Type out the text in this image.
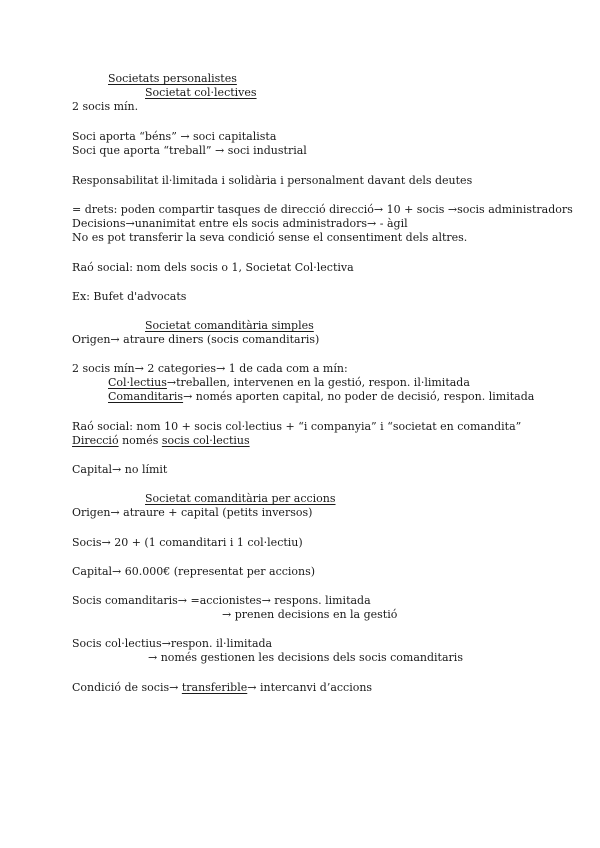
Societats personalistes
Societat col·lectives
2 socis mín.
Soci aporta “béns” → soci capitalista
Soci que aporta “treball” → soci industrial
Responsabilitat il·limitada i solidària i personalment davant dels deutes
= drets: poden compartir tasques de direcció direcció→ 10 + socis →socis administradors
Decisions→unanimitat entre els socis administradors→ - àgil
No es pot transferir la seva condició sense el consentiment dels altres.
Raó social: nom dels socis o 1, Societat Col·lectiva
Ex: Bufet d'advocats
Societat comanditària simples
Origen→ atraure diners (socis comanditaris)
2 socis mín→ 2 categories→ 1 de cada com a mín:
Col·lectius→treballen, intervenen en la gestió, respon. il·limitada
Comanditaris→ només aporten capital, no poder de decisió, respon. limitada
Raó social: nom 10 + socis col·lectius + “i companyia” i “societat en comandita”
Direcció només socis col·lectius
Capital→ no límit
Societat comanditària per accions
Origen→ atraure + capital (petits inversos)
Socis→ 20 + (1 comanditari i 1 col·lectiu)
Capital→ 60.000€ (representat per accions)
Socis comanditaris→ =accionistes→ respons. limitada
→ prenen decisions en la gestió
Socis col·lectius→respon. il·limitada
→ només gestionen les decisions dels socis comanditaris
Condició de socis→ transferible→ intercanvi d’accions
